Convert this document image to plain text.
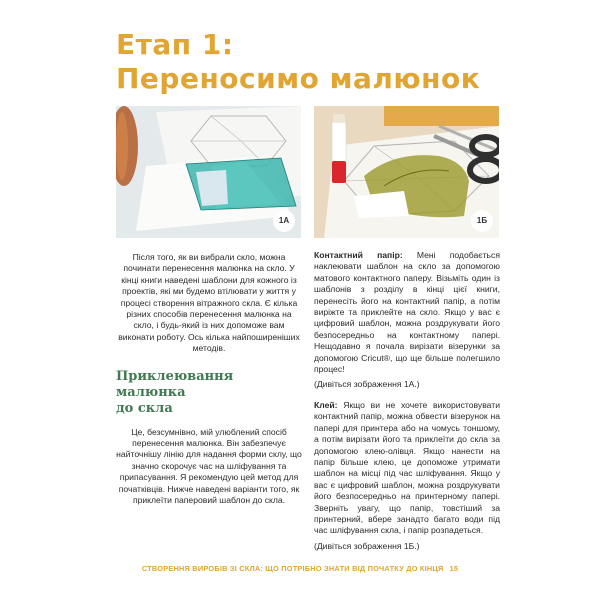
Етап 1:
Переносимо малюнок
1A	1Б

Після того, як ви вибрали скло, можна починати перенесення малюнка на скло. У кінці книги наведені шаблони для кожного із проектів, які ми будемо втілювати у життя у процесі створення вітражного скла. Є кілька різних способів перенесення малюнка на скло, і будь-який із них допоможе вам виконати роботу. Ось кілька найпоширеніших методів.

Приклеювання малюнка
до скла

Це, безсумнівно, мій улюблений спосіб перенесення малюнка. Він забезпечує найточнішу лінію для надання форми склу, що значно скорочує час на шліфування та припасування. Я рекомендую цей метод для початківців. Нижче наведені варіанти того, як приклеїти паперовий шаблон до скла.

Контактний папір: Мені подобається наклеювати шаблон на скло за допомогою матового контактного паперу. Візьміть один із шаблонів з розділу в кінці цієї книги, перенесіть його на контактний папір, а потім виріжте та приклейте на скло. Якщо у вас є цифровий шаблон, можна роздрукувати його безпосередньо на контактному папері. Нещодавно я почала вирізати візерунки за допомогою Cricut®, що ще більше полегшило процес!

(Дивіться зображення 1А.)

Клей: Якщо ви не хочете використовувати контактний папір, можна обвести візерунок на папері для принтера або на чомусь тоншому, а потім вирізати його та приклеїти до скла за допомогою клею-олівця. Якщо нанести на папір більше клею, це допоможе утримати шаблон на місці під час шліфування. Якщо у вас є цифровий шаблон, можна роздрукувати його безпосередньо на принтерному папері. Зверніть увагу, що папір, товстіший за принтерний, вбере занадто багато води під час шліфування скла, і папір розпадеться.

(Дивіться зображення 1Б.)

СТВОРЕННЯ ВИРОБІВ ЗІ СКЛА: ЩО ПОТРІБНО ЗНАТИ ВІД ПОЧАТКУ ДО КІНЦЯ 15
